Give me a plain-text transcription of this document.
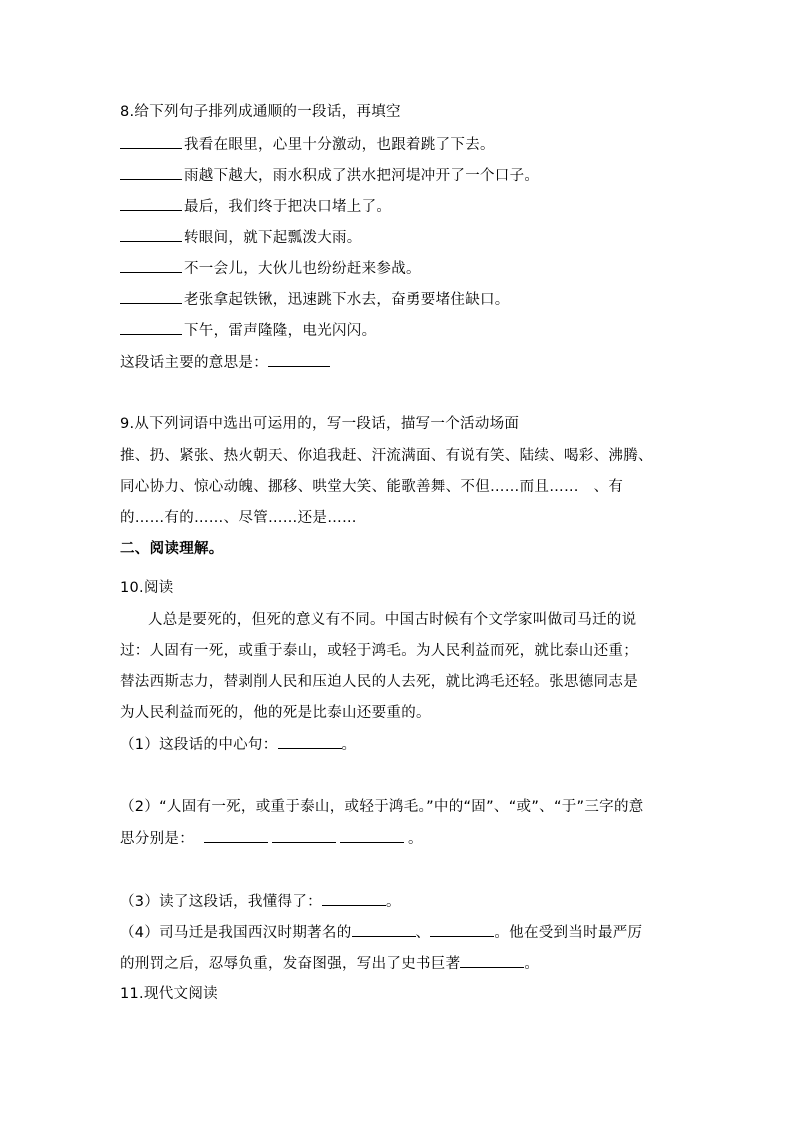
8.给下列句子排列成通顺的一段话，再填空
我看在眼里，心里十分激动，也跟着跳了下去。
雨越下越大，雨水积成了洪水把河堤冲开了一个口子。
最后，我们终于把决口堵上了。
转眼间，就下起瓢泼大雨。
不一会儿，大伙儿也纷纷赶来参战。
老张拿起铁锹，迅速跳下水去，奋勇要堵住缺口。
下午，雷声隆隆，电光闪闪。
这段话主要的意思是：
9.从下列词语中选出可运用的，写一段话，描写一个活动场面
推、扔、紧张、热火朝天、你追我赶、汗流满面、有说有笑、陆续、喝彩、沸腾、
同心协力、惊心动魄、挪移、哄堂大笑、能歌善舞、不但……而且……　、有
的……有的……、尽管……还是……
二、阅读理解。
10.阅读
人总是要死的，但死的意义有不同。中国古时候有个文学家叫做司马迁的说
过：人固有一死，或重于泰山，或轻于鸿毛。为人民利益而死，就比泰山还重；
替法西斯志力，替剥削人民和压迫人民的人去死，就比鸿毛还轻。张思德同志是
为人民利益而死的，他的死是比泰山还要重的。
（1）这段话的中心句：	。
（2）“人固有一死，或重于泰山，或轻于鸿毛。”中的“固”、“或”、“于”三字的意
思分别是：	。
（3）读了这段话，我懂得了：	。
（4）司马迁是我国西汉时期著名的	、	。他在受到当时最严厉
的刑罚之后，忍辱负重，发奋图强，写出了史书巨著	。
11.现代文阅读
